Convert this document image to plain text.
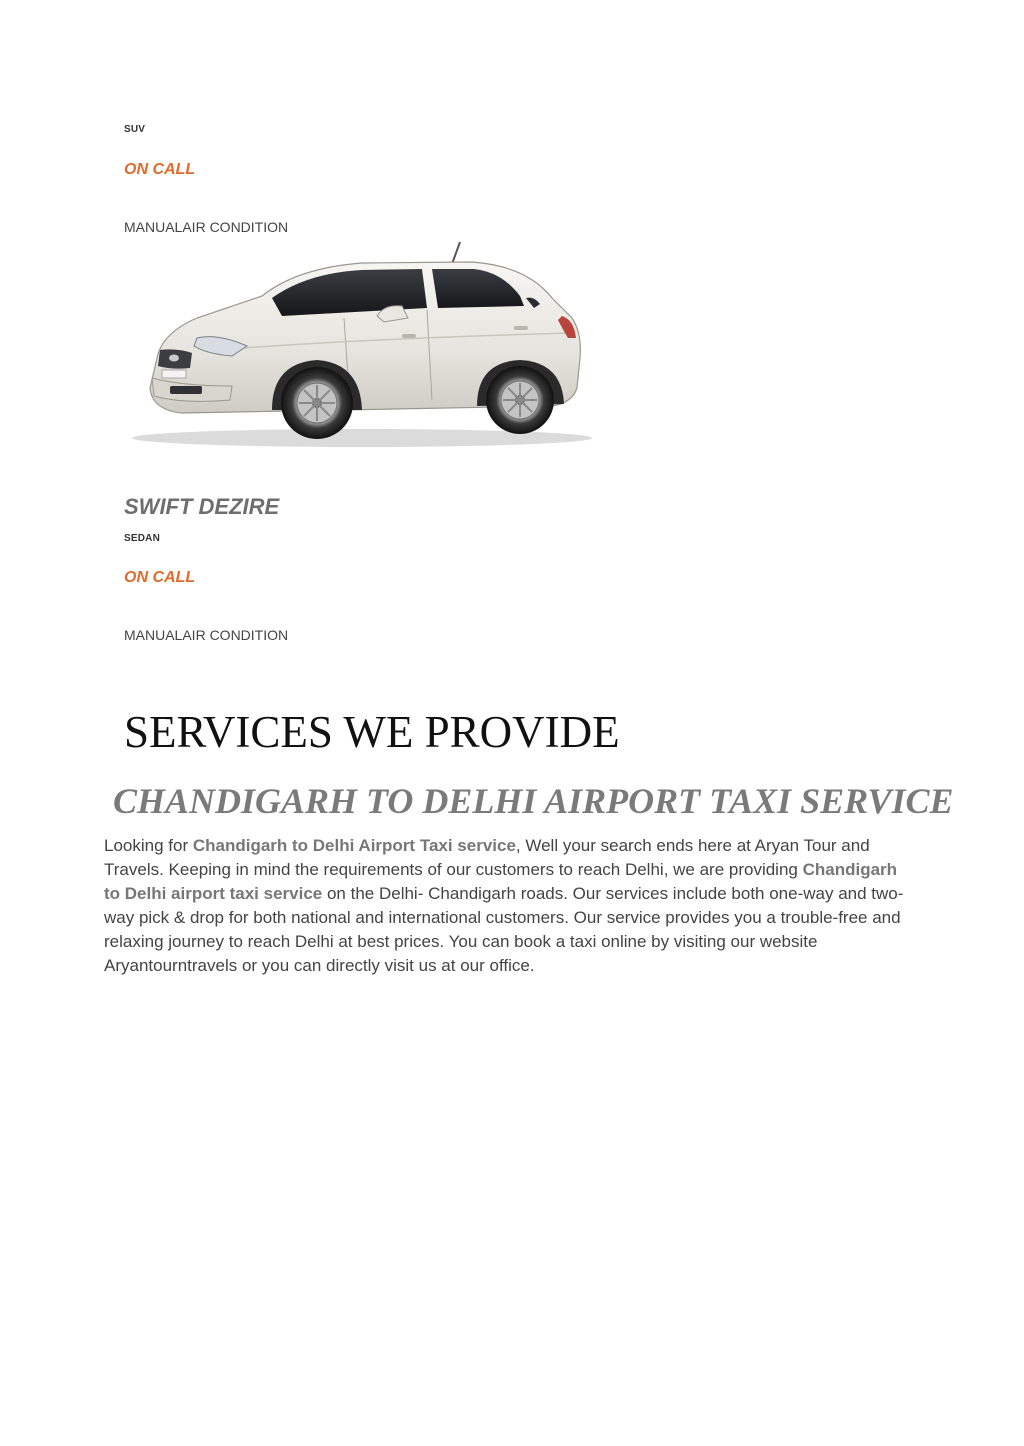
SUV
ON CALL
MANUALAIR CONDITION
SWIFT DEZIRE
SEDAN
ON CALL
MANUALAIR CONDITION
SERVICES WE PROVIDE
CHANDIGARH TO DELHI AIRPORT TAXI SERVICE
Looking for Chandigarh to Delhi Airport Taxi service, Well your search ends here at Aryan Tour and Travels. Keeping in mind the requirements of our customers to reach Delhi, we are providing Chandigarh to Delhi airport taxi service on the Delhi- Chandigarh roads. Our services include both one-way and two-way pick & drop for both national and international customers. Our service provides you a trouble-free and relaxing journey to reach Delhi at best prices. You can book a taxi online by visiting our website Aryantourntravels or you can directly visit us at our office.
